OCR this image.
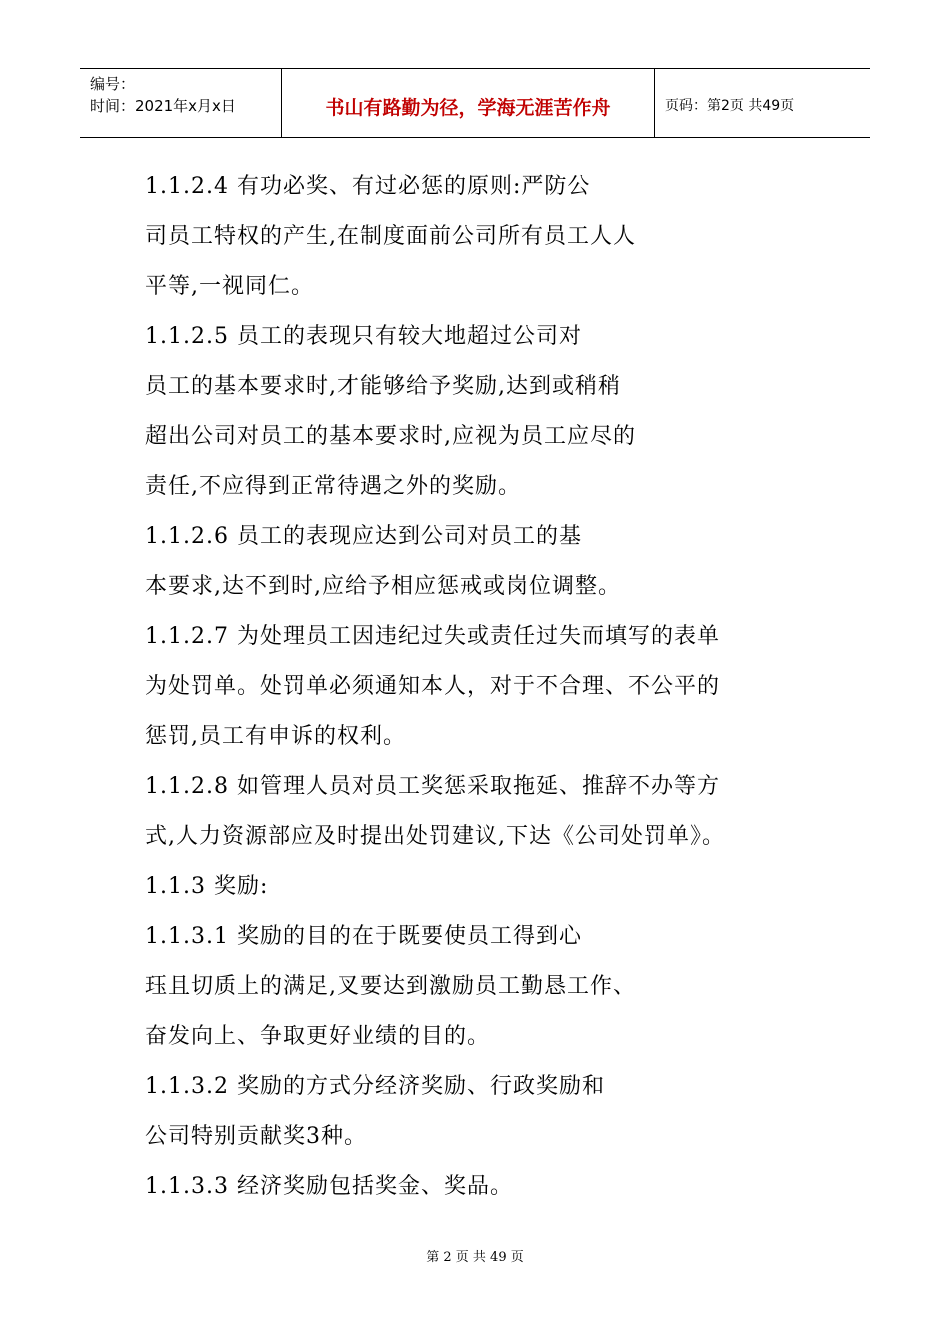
编号：
时间：2021年x月x日	书山有路勤为径，学海无涯苦作舟	页码：第2页 共49页
1.1.2.4 有功必奖、有过必惩的原则:严防公
司员工特权的产生,在制度面前公司所有员工人人
平等,一视同仁。
1.1.2.5 员工的表现只有较大地超过公司对
员工的基本要求时,才能够给予奖励,达到或稍稍
超出公司对员工的基本要求时,应视为员工应尽的
责任,不应得到正常待遇之外的奖励。
1.1.2.6 员工的表现应达到公司对员工的基
本要求,达不到时,应给予相应惩戒或岗位调整。
1.1.2.7 为处理员工因违纪过失或责任过失而填写的表单
为处罚单。处罚单必须通知本人，对于不合理、不公平的
惩罚,员工有申诉的权利。
1.1.2.8 如管理人员对员工奖惩采取拖延、推辞不办等方
式,人力资源部应及时提出处罚建议,下达《公司处罚单》。
1.1.3 奖励:
1.1.3.1 奖励的目的在于既要使员工得到心
珏且切质上的满足,叉要达到激励员工勤恳工作、
奋发向上、争取更好业绩的目的。
1.1.3.2 奖励的方式分经济奖励、行政奖励和
公司特别贡献奖3种。
1.1.3.3 经济奖励包括奖金、奖品。
第 2 页 共 49 页
